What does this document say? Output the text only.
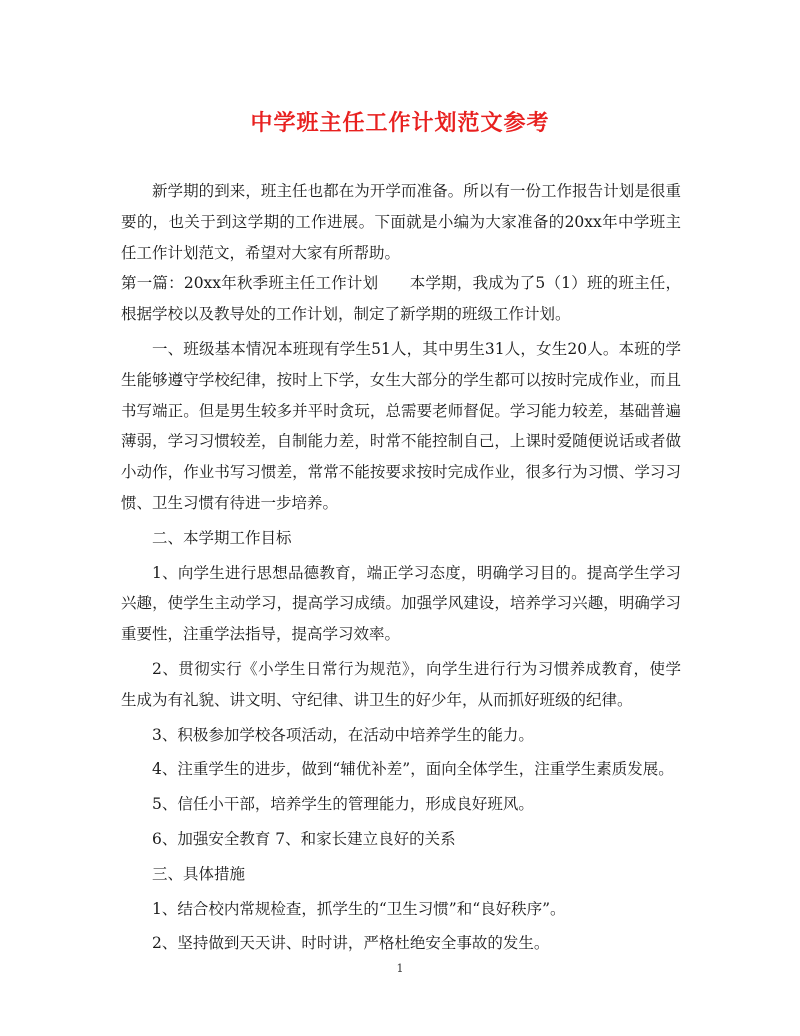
中学班主任工作计划范文参考

新学期的到来，班主任也都在为开学而准备。所以有一份工作报告计划是很重要的，也关于到这学期的工作进展。下面就是小编为大家准备的20xx年中学班主任工作计划范文，希望对大家有所帮助。

第一篇：20xx年秋季班主任工作计划　　本学期，我成为了5（1）班的班主任，根据学校以及教导处的工作计划，制定了新学期的班级工作计划。

一、班级基本情况本班现有学生51人，其中男生31人，女生20人。本班的学生能够遵守学校纪律，按时上下学，女生大部分的学生都可以按时完成作业，而且书写端正。但是男生较多并平时贪玩，总需要老师督促。学习能力较差，基础普遍薄弱，学习习惯较差，自制能力差，时常不能控制自己，上课时爱随便说话或者做小动作，作业书写习惯差，常常不能按要求按时完成作业，很多行为习惯、学习习惯、卫生习惯有待进一步培养。

二、本学期工作目标

1、向学生进行思想品德教育，端正学习态度，明确学习目的。提高学生学习兴趣，使学生主动学习，提高学习成绩。加强学风建设，培养学习兴趣，明确学习重要性，注重学法指导，提高学习效率。

2、贯彻实行《小学生日常行为规范》，向学生进行行为习惯养成教育，使学生成为有礼貌、讲文明、守纪律、讲卫生的好少年，从而抓好班级的纪律。

3、积极参加学校各项活动，在活动中培养学生的能力。

4、注重学生的进步，做到“辅优补差”，面向全体学生，注重学生素质发展。

5、信任小干部，培养学生的管理能力，形成良好班风。

6、加强安全教育 7、和家长建立良好的关系

三、具体措施

1、结合校内常规检查，抓学生的“卫生习惯”和“良好秩序”。

2、坚持做到天天讲、时时讲，严格杜绝安全事故的发生。

1
